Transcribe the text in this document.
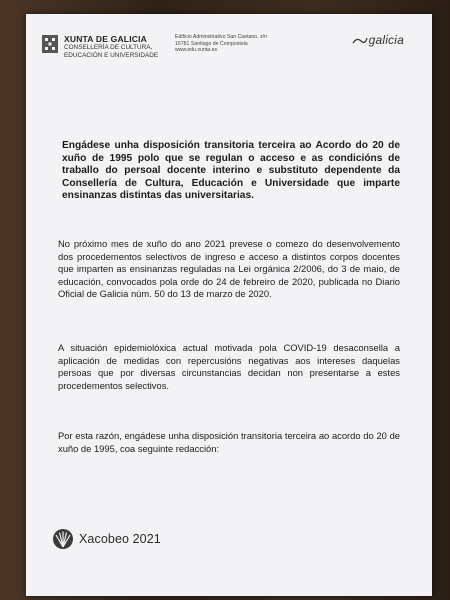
XUNTA DE GALICIA
CONSELLERÍA DE CULTURA,
EDUCACIÓN E UNIVERSIDADE
Edificio Administrativo San Caetano, s/n
15781 Santiago de Compostela
www.edu.xunta.es
galicia
Engádese unha disposición transitoria terceira ao Acordo do 20 de xuño de 1995 polo que se regulan o acceso e as condicións de traballo do persoal docente interino e substituto dependente da Consellería de Cultura, Educación e Universidade que imparte ensinanzas distintas das universitarias.
No próximo mes de xuño do ano 2021 prevese o comezo do desenvolvemento dos procedementos selectivos de ingreso e acceso a distintos corpos docentes que imparten as ensinanzas reguladas na Lei orgánica 2/2006, do 3 de maio, de educación, convocados pola orde do 24 de febreiro de 2020, publicada no Diario Oficial de Galicia núm. 50 do 13 de marzo de 2020.
A situación epidemiolóxica actual motivada pola COVID-19 desaconsella a aplicación de medidas con repercusións negativas aos intereses daquelas persoas que por diversas circunstancias decidan non presentarse a estes procedementos selectivos.
Por esta razón, engádese unha disposición transitoria terceira ao acordo do 20 de xuño de 1995, coa seguinte redacción:
Xacobeo 2021
